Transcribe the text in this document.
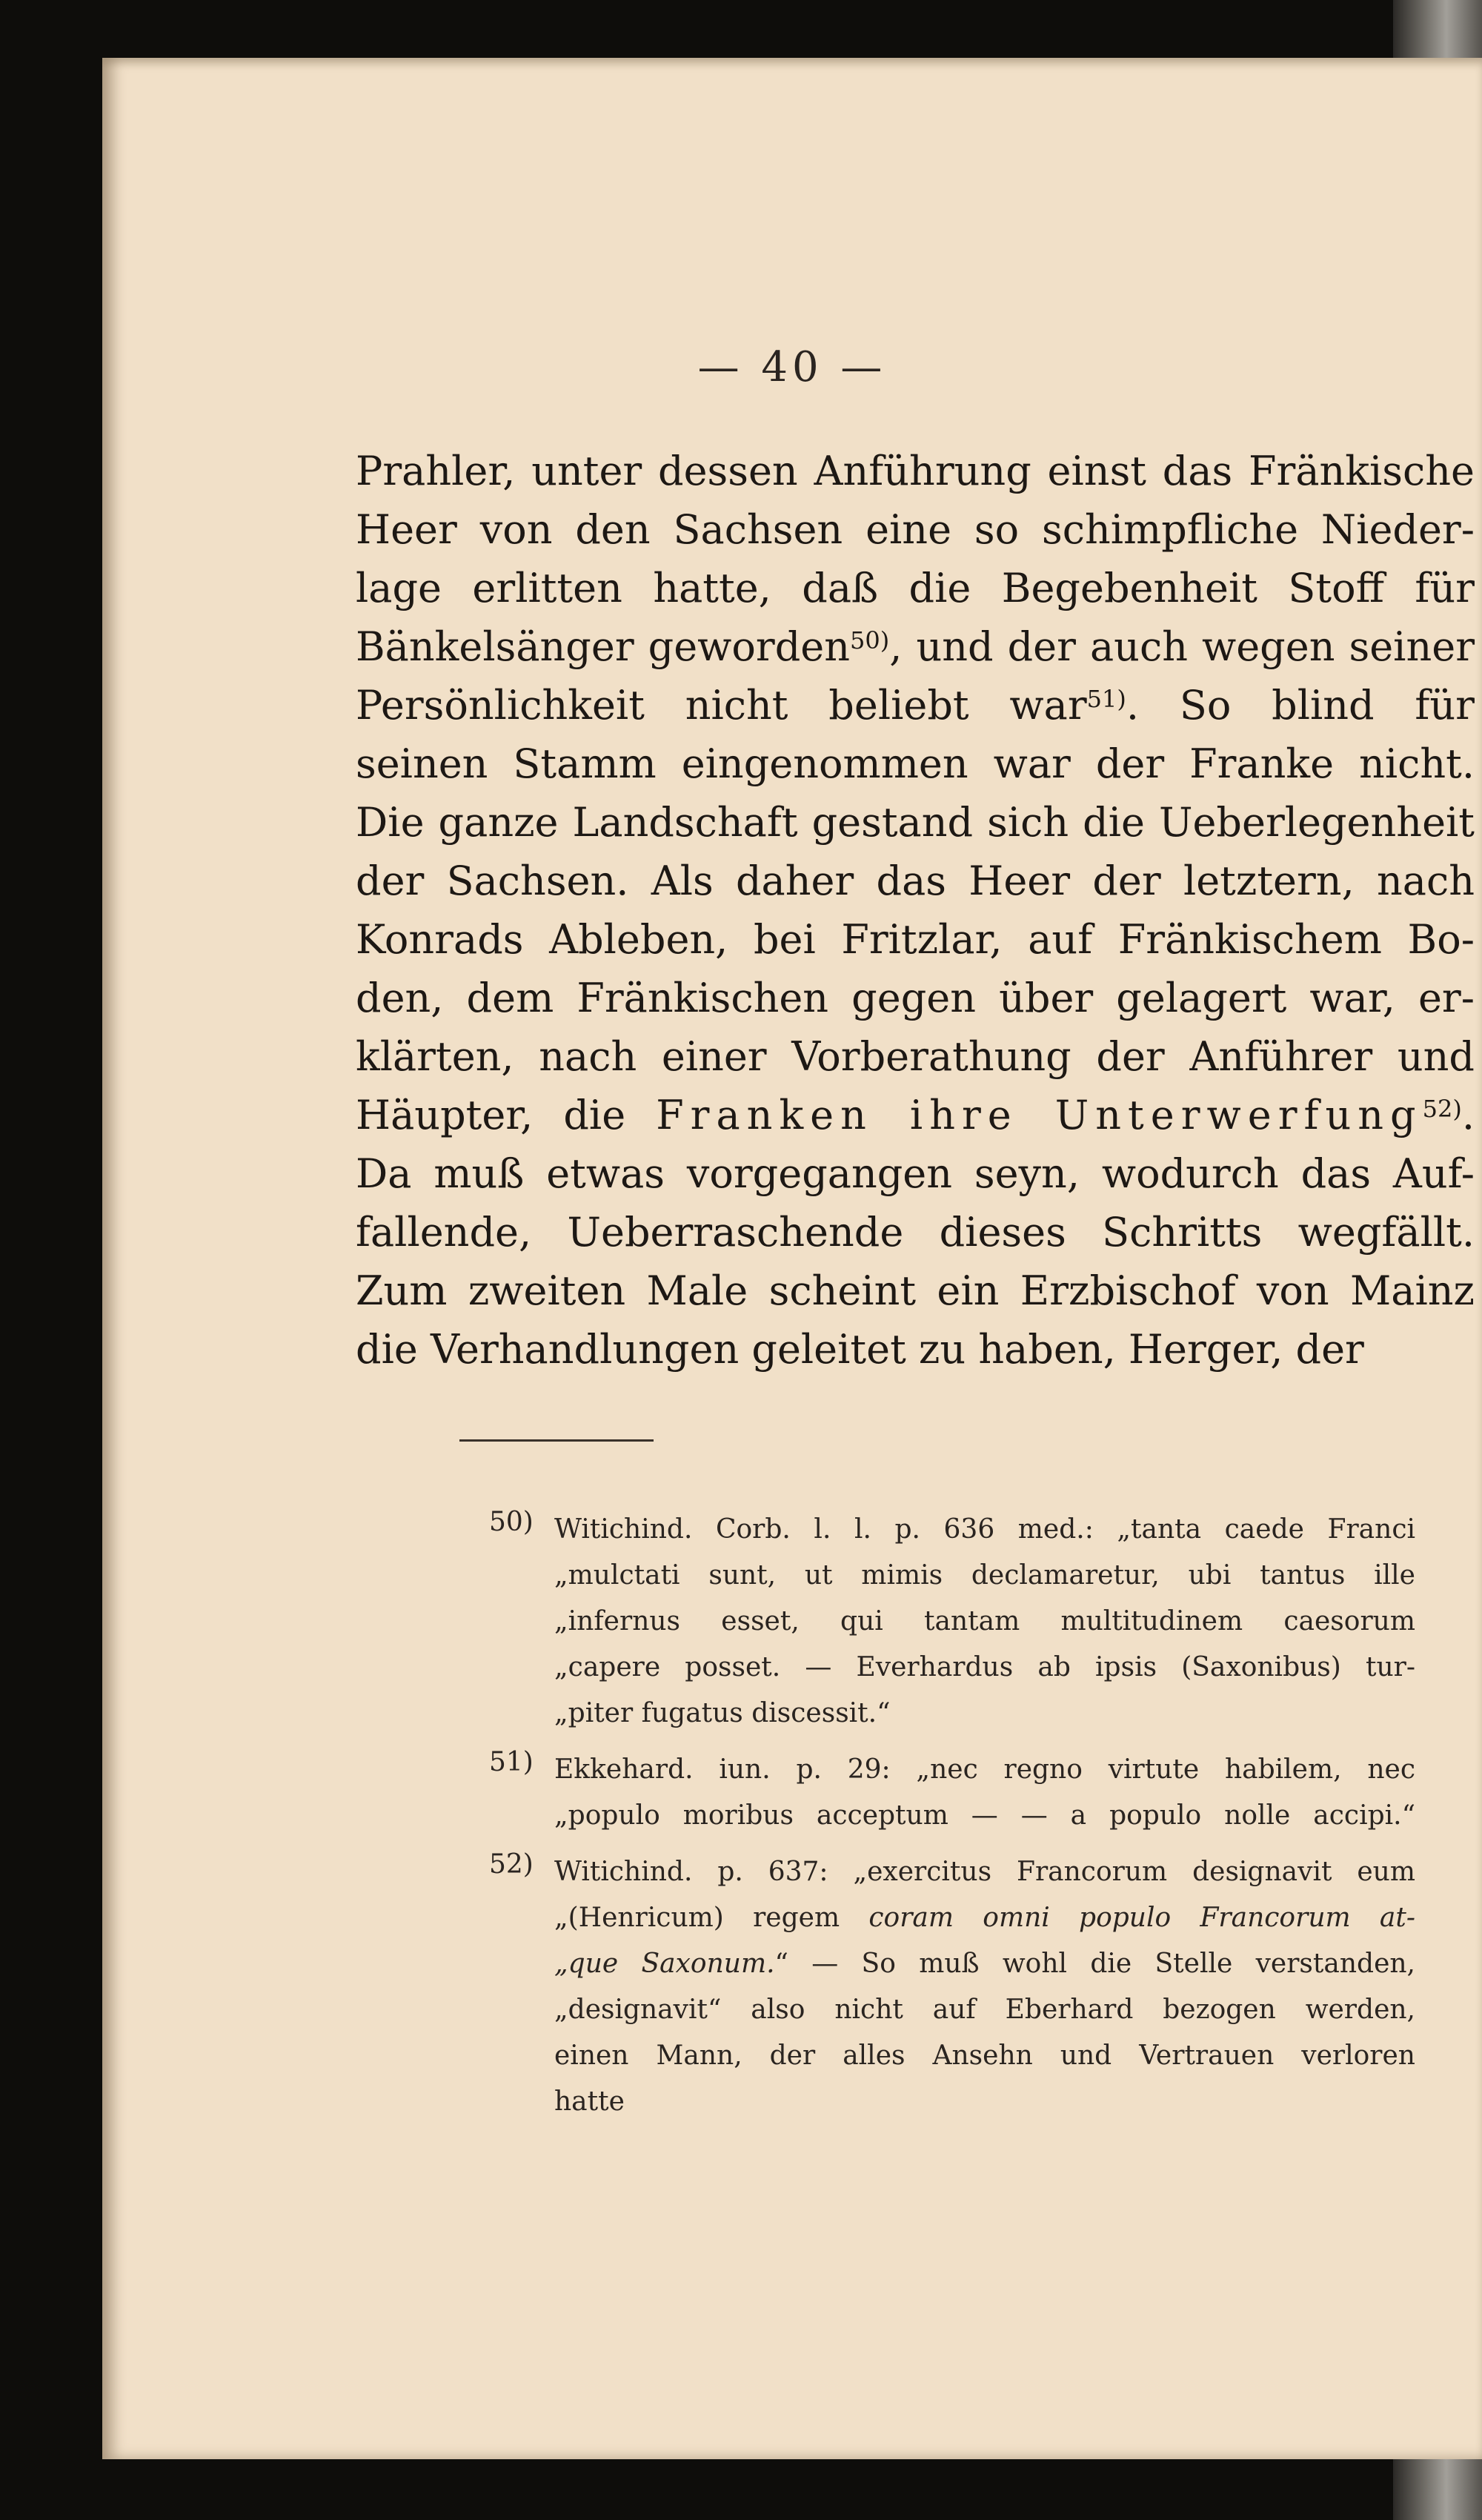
— 40 —
Prahler, unter dessen Anführung einst das Fränkische
Heer von den Sachsen eine so schimpfliche Nieder-
lage erlitten hatte, daß die Begebenheit Stoff für
Bänkelsänger geworden$^{50)}$, und der auch wegen seiner
Persönlichkeit nicht beliebt war$^{51)}$. So blind für
seinen Stamm eingenommen war der Franke nicht.
Die ganze Landschaft gestand sich die Ueberlegenheit
der Sachsen. Als daher das Heer der letztern, nach
Konrads Ableben, bei Fritzlar, auf Fränkischem Bo-
den, dem Fränkischen gegen über gelagert war, er-
klärten, nach einer Vorberathung der Anführer und
Häupter, die Franken ihre Unterwerfung$^{52)}$.
Da muß etwas vorgegangen seyn, wodurch das Auf-
fallende, Ueberraschende dieses Schritts wegfällt.
Zum zweiten Male scheint ein Erzbischof von Mainz
die Verhandlungen geleitet zu haben, Herger, der
50) Witichind. Corb. l. l. p. 636 med.: „tanta caede Franci
„mulctati sunt, ut mimis declamaretur, ubi tantus ille
„infernus esset, qui tantam multitudinem caesorum
„capere posset. — Everhardus ab ipsis (Saxonibus) tur-
„piter fugatus discessit.“
51) Ekkehard. iun. p. 29: „nec regno virtute habilem, nec
„populo moribus acceptum — — a populo nolle accipi.“
52) Witichind. p. 637: „exercitus Francorum designavit eum
„(Henricum) regem coram omni populo Francorum at-
„que Saxonum.“ — So muß wohl die Stelle verstanden,
„designavit“ also nicht auf Eberhard bezogen werden,
einen Mann, der alles Ansehn und Vertrauen verloren
hatte
